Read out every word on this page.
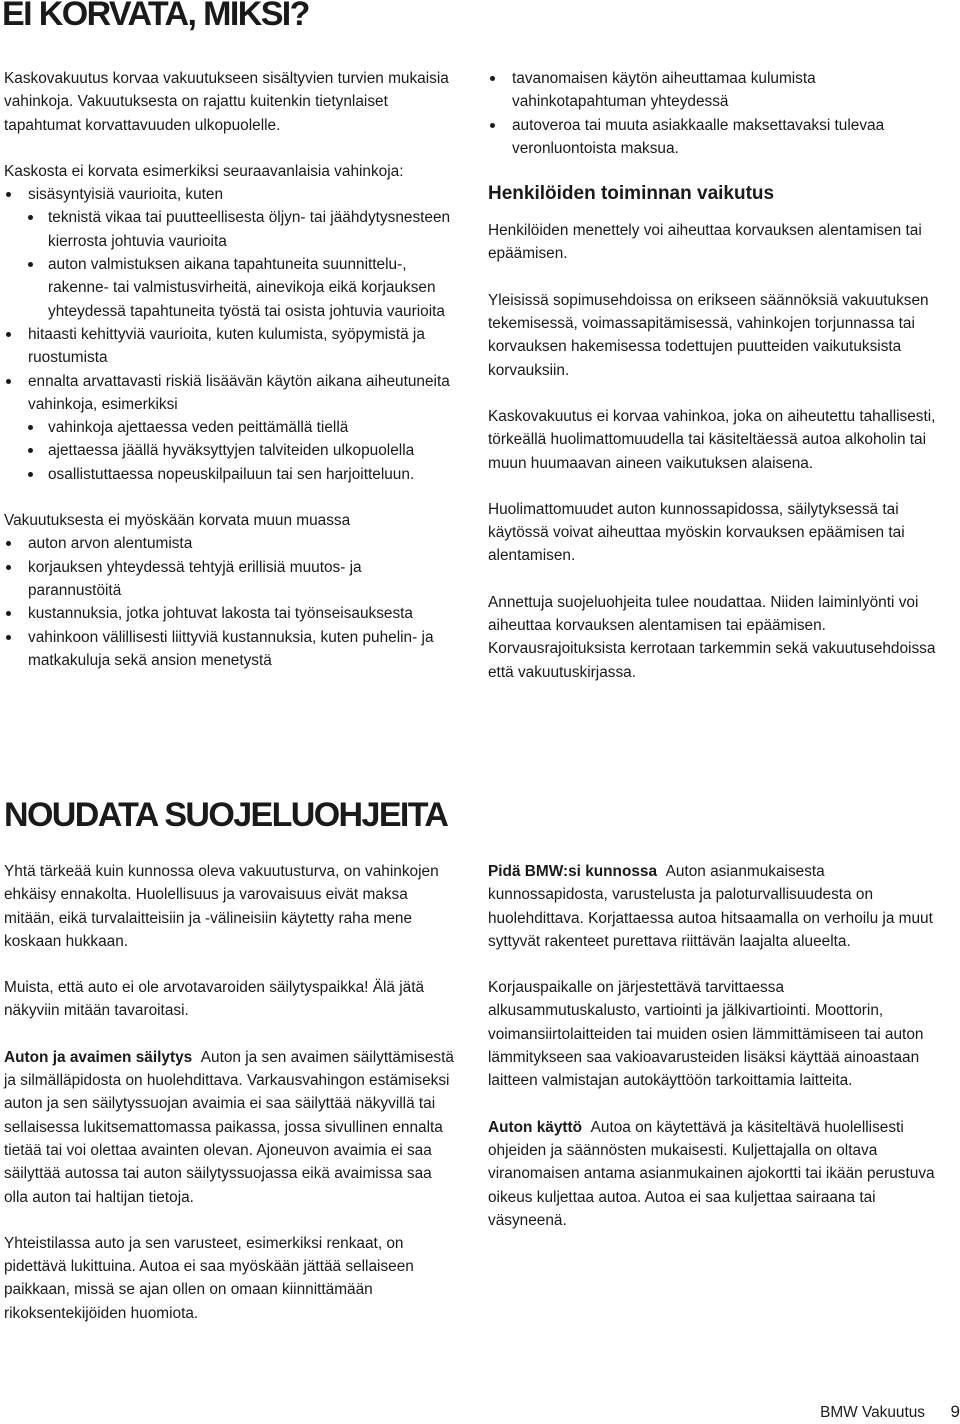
EI KORVATA, MIKSI?

Kaskovakuutus korvaa vakuutukseen sisältyvien turvien mukaisia vahinkoja. Vakuutuksesta on rajattu kuitenkin tietynlaiset tapahtumat korvattavuuden ulkopuolelle.

Kaskosta ei korvata esimerkiksi seuraavanlaisia vahinkoja:

sisäsyntyisiä vaurioita, kuten
teknistä vikaa tai puutteellisesta öljyn- tai jäähdytysnesteen kierrosta johtuvia vaurioita
auton valmistuksen aikana tapahtuneita suunnittelu-, rakenne- tai valmistusvirheitä, ainevikoja eikä korjauksen yhteydessä tapahtuneita työstä tai osista johtuvia vaurioita
hitaasti kehittyviä vaurioita, kuten kulumista, syöpymistä ja ruostumista
ennalta arvattavasti riskiä lisäävän käytön aikana aiheutuneita vahinkoja, esimerkiksi
vahinkoja ajettaessa veden peittämällä tiellä
ajettaessa jäällä hyväksyttyjen talviteiden ulkopuolella
osallistuttaessa nopeuskilpailuun tai sen harjoitteluun.

Vakuutuksesta ei myöskään korvata muun muassa

auton arvon alentumista
korjauksen yhteydessä tehtyjä erillisiä muutos- ja parannustöitä
kustannuksia, jotka johtuvat lakosta tai työnseisauksesta
vahinkoon välillisesti liittyviä kustannuksia, kuten puhelin- ja matkakuluja sekä ansion menetystä
tavanomaisen käytön aiheuttamaa kulumista vahinkotapahtuman yhteydessä
autoveroa tai muuta asiakkaalle maksettavaksi tulevaa veronluontoista maksua.
Henkilöiden toiminnan vaikutus

Henkilöiden menettely voi aiheuttaa korvauksen alentamisen tai epäämisen.

Yleisissä sopimusehdoissa on erikseen säännöksiä vakuutuksen tekemisessä, voimassapitämisessä, vahinkojen torjunnassa tai korvauksen hakemisessa todettujen puutteiden vaikutuksista korvauksiin.

Kaskovakuutus ei korvaa vahinkoa, joka on aiheutettu tahallisesti, törkeällä huolimattomuudella tai käsiteltäessä autoa alkoholin tai muun huumaavan aineen vaikutuksen alaisena.

Huolimattomuudet auton kunnossapidossa, säilytyksessä tai käytössä voivat aiheuttaa myöskin korvauksen epäämisen tai alentamisen.

Annettuja suojeluohjeita tulee noudattaa. Niiden laiminlyönti voi aiheuttaa korvauksen alentamisen tai epäämisen. Korvausrajoituksista kerrotaan tarkemmin sekä vakuutusehdoissa että vakuutuskirjassa.

NOUDATA SUOJELUOHJEITA

Yhtä tärkeää kuin kunnossa oleva vakuutusturva, on vahinkojen ehkäisy ennakolta. Huolellisuus ja varovaisuus eivät maksa mitään, eikä turvalaitteisiin ja -välineisiin käytetty raha mene koskaan hukkaan.

Muista, että auto ei ole arvotavaroiden säilytyspaikka! Älä jätä näkyviin mitään tavaroitasi.

Auton ja avaimen säilytys Auton ja sen avaimen säilyttämisestä ja silmälläpidosta on huolehdittava. Varkausvahingon estämiseksi auton ja sen säilytyssuojan avaimia ei saa säilyttää näkyvillä tai sellaisessa lukitsemattomassa paikassa, jossa sivullinen ennalta tietää tai voi olettaa avainten olevan. Ajoneuvon avaimia ei saa säilyttää autossa tai auton säilytyssuojassa eikä avaimissa saa olla auton tai haltijan tietoja.

Yhteistilassa auto ja sen varusteet, esimerkiksi renkaat, on pidettävä lukittuina. Autoa ei saa myöskään jättää sellaiseen paikkaan, missä se ajan ollen on omaan kiinnittämään rikoksentekijöiden huomiota.

Pidä BMW:si kunnossa Auton asianmukaisesta kunnossapidosta, varustelusta ja paloturvallisuudesta on huolehdittava. Korjattaessa autoa hitsaamalla on verhoilu ja muut syttyvät rakenteet purettava riittävän laajalta alueelta.

Korjauspaikalle on järjestettävä tarvittaessa alkusammutuskalusto, vartiointi ja jälkivartiointi. Moottorin, voimansiirtolaitteiden tai muiden osien lämmittämiseen tai auton lämmitykseen saa vakioavarusteiden lisäksi käyttää ainoastaan laitteen valmistajan autokäyttöön tarkoittamia laitteita.

Auton käyttö Autoa on käytettävä ja käsiteltävä huolellisesti ohjeiden ja säännösten mukaisesti. Kuljettajalla on oltava viranomaisen antama asianmukainen ajokortti tai ikään perustuva oikeus kuljettaa autoa. Autoa ei saa kuljettaa sairaana tai väsyneenä.

BMW Vakuutus	9
